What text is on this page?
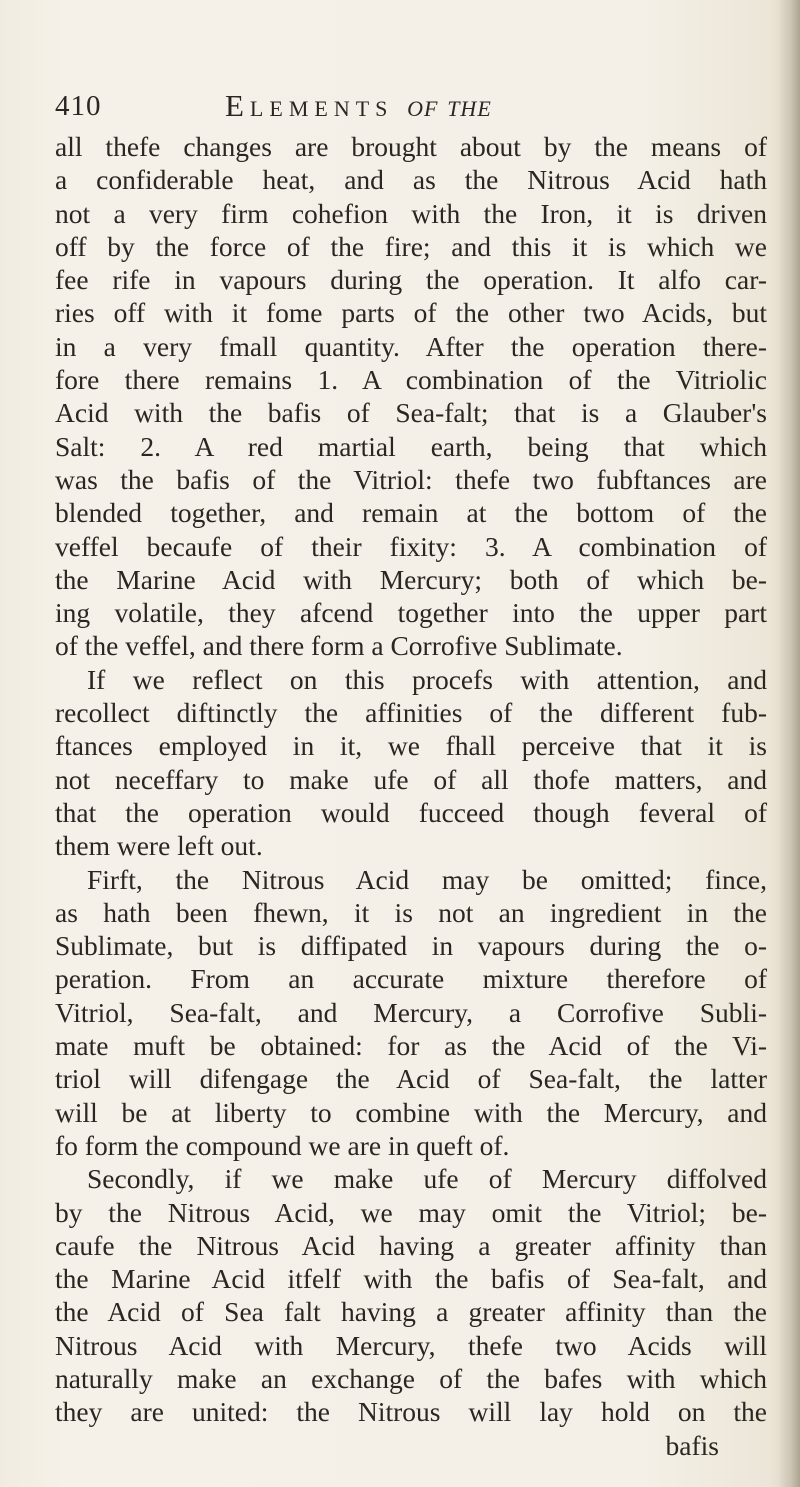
410	Elements of the
all thefe changes are brought about by the means of
a confiderable heat, and as the Nitrous Acid hath
not a very firm cohefion with the Iron, it is driven
off by the force of the fire; and this it is which we
fee rife in vapours during the operation. It alfo car-
ries off with it fome parts of the other two Acids, but
in a very fmall quantity. After the operation there-
fore there remains 1. A combination of the Vitriolic
Acid with the bafis of Sea-falt; that is a Glauber's
Salt: 2. A red martial earth, being that which
was the bafis of the Vitriol: thefe two fubftances are
blended together, and remain at the bottom of the
veffel becaufe of their fixity: 3. A combination of
the Marine Acid with Mercury; both of which be-
ing volatile, they afcend together into the upper part
of the veffel, and there form a Corrofive Sublimate.
If we reflect on this procefs with attention, and
recollect diftinctly the affinities of the different fub-
ftances employed in it, we fhall perceive that it is
not neceffary to make ufe of all thofe matters, and
that the operation would fucceed though feveral of
them were left out.
Firft, the Nitrous Acid may be omitted; fince,
as hath been fhewn, it is not an ingredient in the
Sublimate, but is diffipated in vapours during the o-
peration. From an accurate mixture therefore of
Vitriol, Sea-falt, and Mercury, a Corrofive Subli-
mate muft be obtained: for as the Acid of the Vi-
triol will difengage the Acid of Sea-falt, the latter
will be at liberty to combine with the Mercury, and
fo form the compound we are in queft of.
Secondly, if we make ufe of Mercury diffolved
by the Nitrous Acid, we may omit the Vitriol; be-
caufe the Nitrous Acid having a greater affinity than
the Marine Acid itfelf with the bafis of Sea-falt, and
the Acid of Sea falt having a greater affinity than the
Nitrous Acid with Mercury, thefe two Acids will
naturally make an exchange of the bafes with which
they are united: the Nitrous will lay hold on the
bafis
